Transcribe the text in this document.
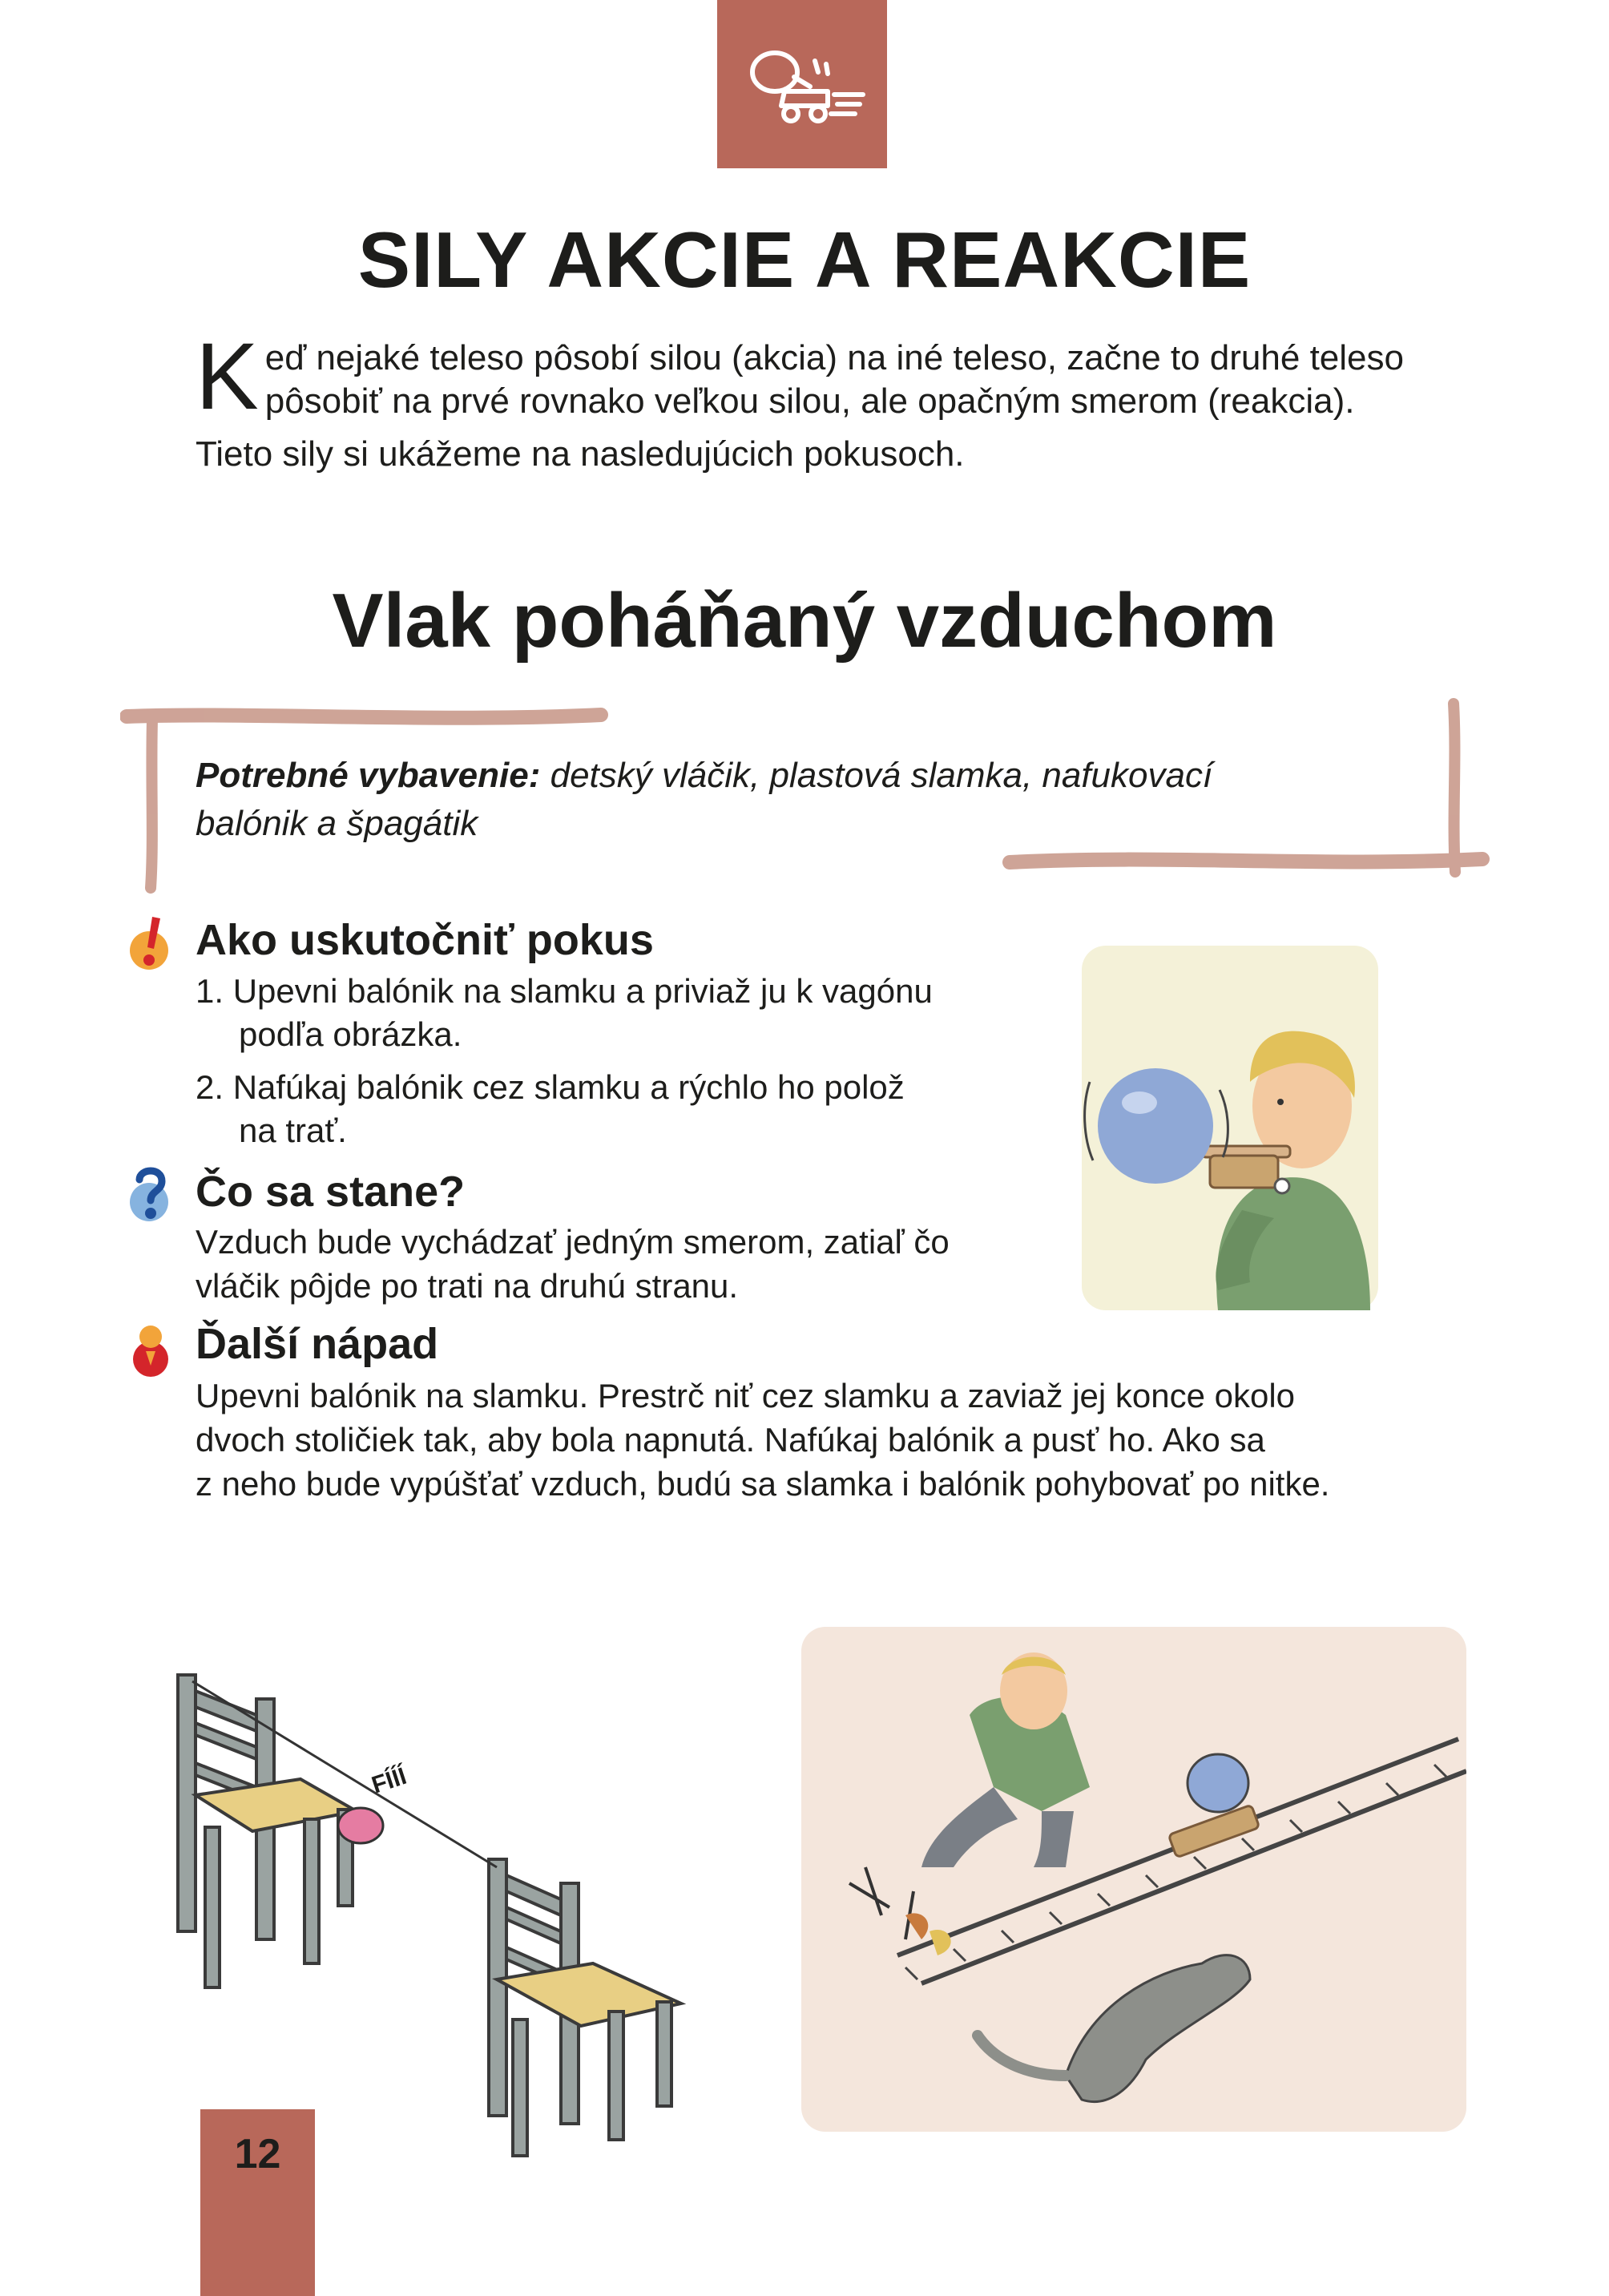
SILY AKCIE A REAKCIE
K eď nejaké teleso pôsobí silou (akcia) na iné teleso, začne to druhé teleso

pôsobiť na prvé rovnako veľkou silou, ale opačným smerom (reakcia).

Tieto sily si ukážeme na nasledujúcich pokusoch.

Vlak poháňaný vzduchom
Potrebné vybavenie: detský vláčik, plastová slamka, nafukovací
balónik a špagátik
Ako uskutočniť pokus
1. Upevni balónik na slamku a priviaž ju k vagónu
podľa obrázka.
2. Nafúkaj balónik cez slamku a rýchlo ho polož
na trať.
Čo sa stane?

Vzduch bude vychádzať jedným smerom, zatiaľ čo
vláčik pôjde po trati na druhú stranu.

Ďalší nápad

Upevni balónik na slamku. Prestrč niť cez slamku a zaviaž jej konce okolo
dvoch stoličiek tak, aby bola napnutá. Nafúkaj balónik a pusť ho. Ako sa
z neho bude vypúšťať vzduch, budú sa slamka i balónik pohybovať po nitke.

FÍÍÍ
12
